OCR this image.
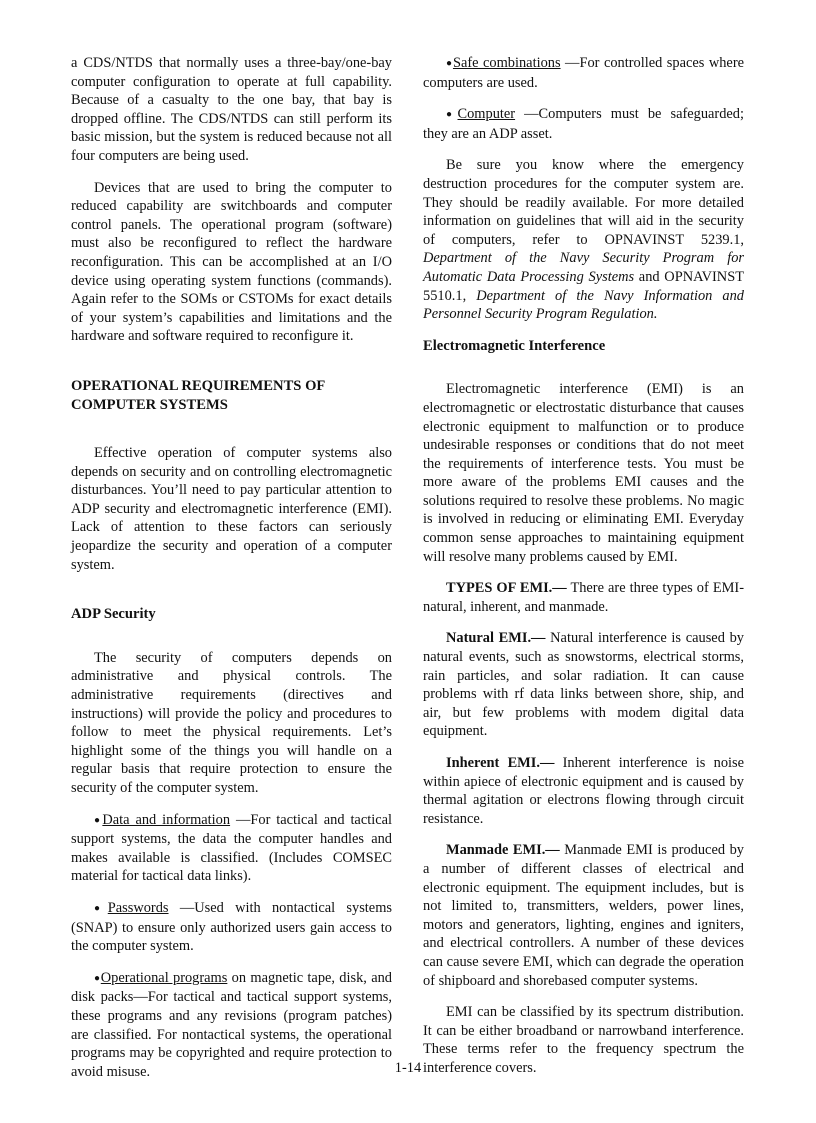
a CDS/NTDS that normally uses a three-bay/one-bay computer configuration to operate at full capability. Because of a casualty to the one bay, that bay is dropped offline. The CDS/NTDS can still perform its basic mission, but the system is reduced because not all four computers are being used.

Devices that are used to bring the computer to reduced capability are switchboards and computer control panels. The operational program (software) must also be reconfigured to reflect the hardware reconfiguration. This can be accomplished at an I/O device using operating system functions (commands). Again refer to the SOMs or CSTOMs for exact details of your system’s capabilities and limitations and the hardware and software required to reconfigure it.

OPERATIONAL REQUIREMENTS OF
COMPUTER SYSTEMS

Effective operation of computer systems also depends on security and on controlling electromagnetic disturbances. You’ll need to pay particular attention to ADP security and electromagnetic interference (EMI). Lack of attention to these factors can seriously jeopardize the security and operation of a computer system.

ADP Security

The security of computers depends on administrative and physical controls. The administrative requirements (directives and instructions) will provide the policy and procedures to follow to meet the physical requirements. Let’s highlight some of the things you will handle on a regular basis that require protection to ensure the security of the computer system.

●Data and information —For tactical and tactical support systems, the data the computer handles and makes available is classified. (Includes COMSEC material for tactical data links).

●Passwords —Used with nontactical systems (SNAP) to ensure only authorized users gain access to the computer system.

●Operational programs on magnetic tape, disk, and disk packs—For tactical and tactical support systems, these programs and any revisions (program patches) are classified. For nontactical systems, the operational programs may be copyrighted and require protection to avoid misuse.

●Safe combinations —For controlled spaces where computers are used.

●Computer —Computers must be safeguarded; they are an ADP asset.

Be sure you know where the emergency destruction procedures for the computer system are. They should be readily available. For more detailed information on guidelines that will aid in the security of computers, refer to OPNAVINST 5239.1, Department of the Navy Security Program for Automatic Data Processing Systems and OPNAVINST 5510.1, Department of the Navy Information and Personnel Security Program Regulation.

Electromagnetic Interference

Electromagnetic interference (EMI) is an electromagnetic or electrostatic disturbance that causes electronic equipment to malfunction or to produce undesirable responses or conditions that do not meet the requirements of interference tests. You must be more aware of the problems EMI causes and the solutions required to resolve these problems. No magic is involved in reducing or eliminating EMI. Everyday common sense approaches to maintaining equipment will resolve many problems caused by EMI.

TYPES OF EMI.— There are three types of EMI-natural, inherent, and manmade.

Natural EMI.— Natural interference is caused by natural events, such as snowstorms, electrical storms, rain particles, and solar radiation. It can cause problems with rf data links between shore, ship, and air, but few problems with modem digital data equipment.

Inherent EMI.— Inherent interference is noise within apiece of electronic equipment and is caused by thermal agitation or electrons flowing through circuit resistance.

Manmade EMI.— Manmade EMI is produced by a number of different classes of electrical and electronic equipment. The equipment includes, but is not limited to, transmitters, welders, power lines, motors and generators, lighting, engines and igniters, and electrical controllers. A number of these devices can cause severe EMI, which can degrade the operation of shipboard and shorebased computer systems.

EMI can be classified by its spectrum distribution. It can be either broadband or narrowband interference. These terms refer to the frequency spectrum the interference covers.

1-14
